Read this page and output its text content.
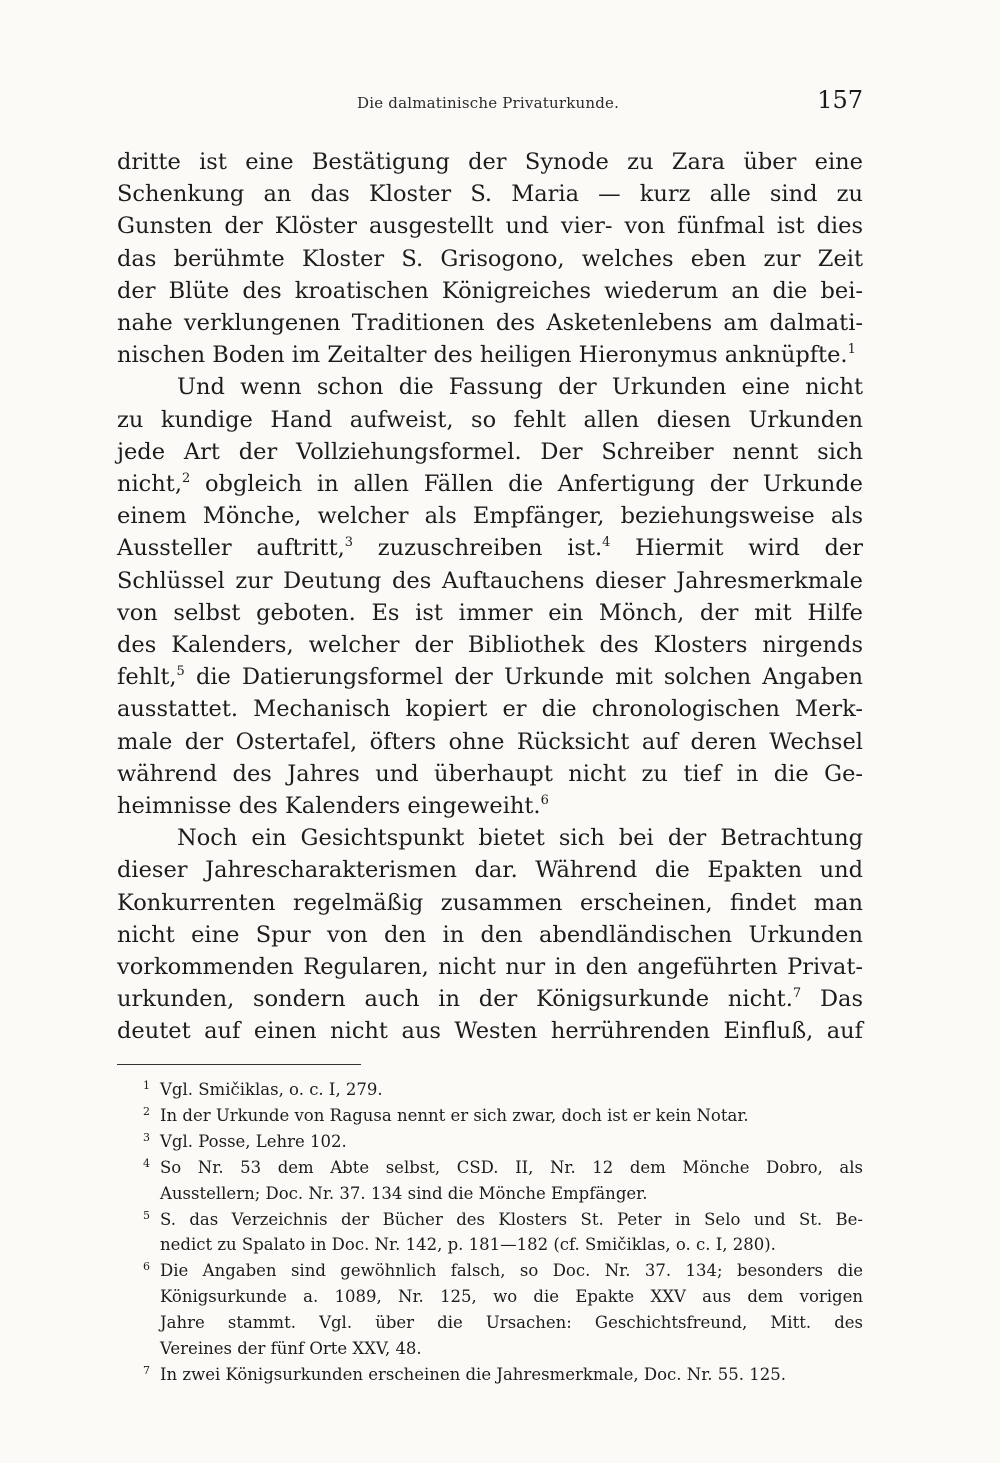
Die dalmatinische Privaturkunde.	157

dritte ist eine Bestätigung der Synode zu Zara über eine
Schenkung an das Kloster S. Maria — kurz alle sind zu
Gunsten der Klöster ausgestellt und vier- von fünfmal ist dies
das berühmte Kloster S. Grisogono, welches eben zur Zeit
der Blüte des kroatischen Königreiches wiederum an die bei-
nahe verklungenen Traditionen des Asketenlebens am dalmati-
nischen Boden im Zeitalter des heiligen Hieronymus anknüpfte.$^1$

Und wenn schon die Fassung der Urkunden eine nicht
zu kundige Hand aufweist, so fehlt allen diesen Urkunden
jede Art der Vollziehungsformel. Der Schreiber nennt sich
nicht,$^2$ obgleich in allen Fällen die Anfertigung der Urkunde
einem Mönche, welcher als Empfänger, beziehungsweise als
Aussteller auftritt,$^3$ zuzuschreiben ist.$^4$ Hiermit wird der
Schlüssel zur Deutung des Auftauchens dieser Jahresmerkmale
von selbst geboten. Es ist immer ein Mönch, der mit Hilfe
des Kalenders, welcher der Bibliothek des Klosters nirgends
fehlt,$^5$ die Datierungsformel der Urkunde mit solchen Angaben
ausstattet. Mechanisch kopiert er die chronologischen Merk-
male der Ostertafel, öfters ohne Rücksicht auf deren Wechsel
während des Jahres und überhaupt nicht zu tief in die Ge-
heimnisse des Kalenders eingeweiht.$^6$

Noch ein Gesichtspunkt bietet sich bei der Betrachtung
dieser Jahrescharakterismen dar. Während die Epakten und
Konkurrenten regelmäßig zusammen erscheinen, findet man
nicht eine Spur von den in den abendländischen Urkunden
vorkommenden Regularen, nicht nur in den angeführten Privat-
urkunden, sondern auch in der Königsurkunde nicht.$^7$ Das
deutet auf einen nicht aus Westen herrührenden Einfluß, auf

1 Vgl. Smičiklas, o. c. I, 279.
2 In der Urkunde von Ragusa nennt er sich zwar, doch ist er kein Notar.
3 Vgl. Posse, Lehre 102.
4 So Nr. 53 dem Abte selbst, CSD. II, Nr. 12 dem Mönche Dobro, als
Ausstellern; Doc. Nr. 37. 134 sind die Mönche Empfänger.
5 S. das Verzeichnis der Bücher des Klosters St. Peter in Selo und St. Be-
nedict zu Spalato in Doc. Nr. 142, p. 181—182 (cf. Smičiklas, o. c. I, 280).
6 Die Angaben sind gewöhnlich falsch, so Doc. Nr. 37. 134; besonders die
Königsurkunde a. 1089, Nr. 125, wo die Epakte XXV aus dem vorigen
Jahre stammt. Vgl. über die Ursachen: Geschichtsfreund, Mitt. des
Vereines der fünf Orte XXV, 48.
7 In zwei Königsurkunden erscheinen die Jahresmerkmale, Doc. Nr. 55. 125.
